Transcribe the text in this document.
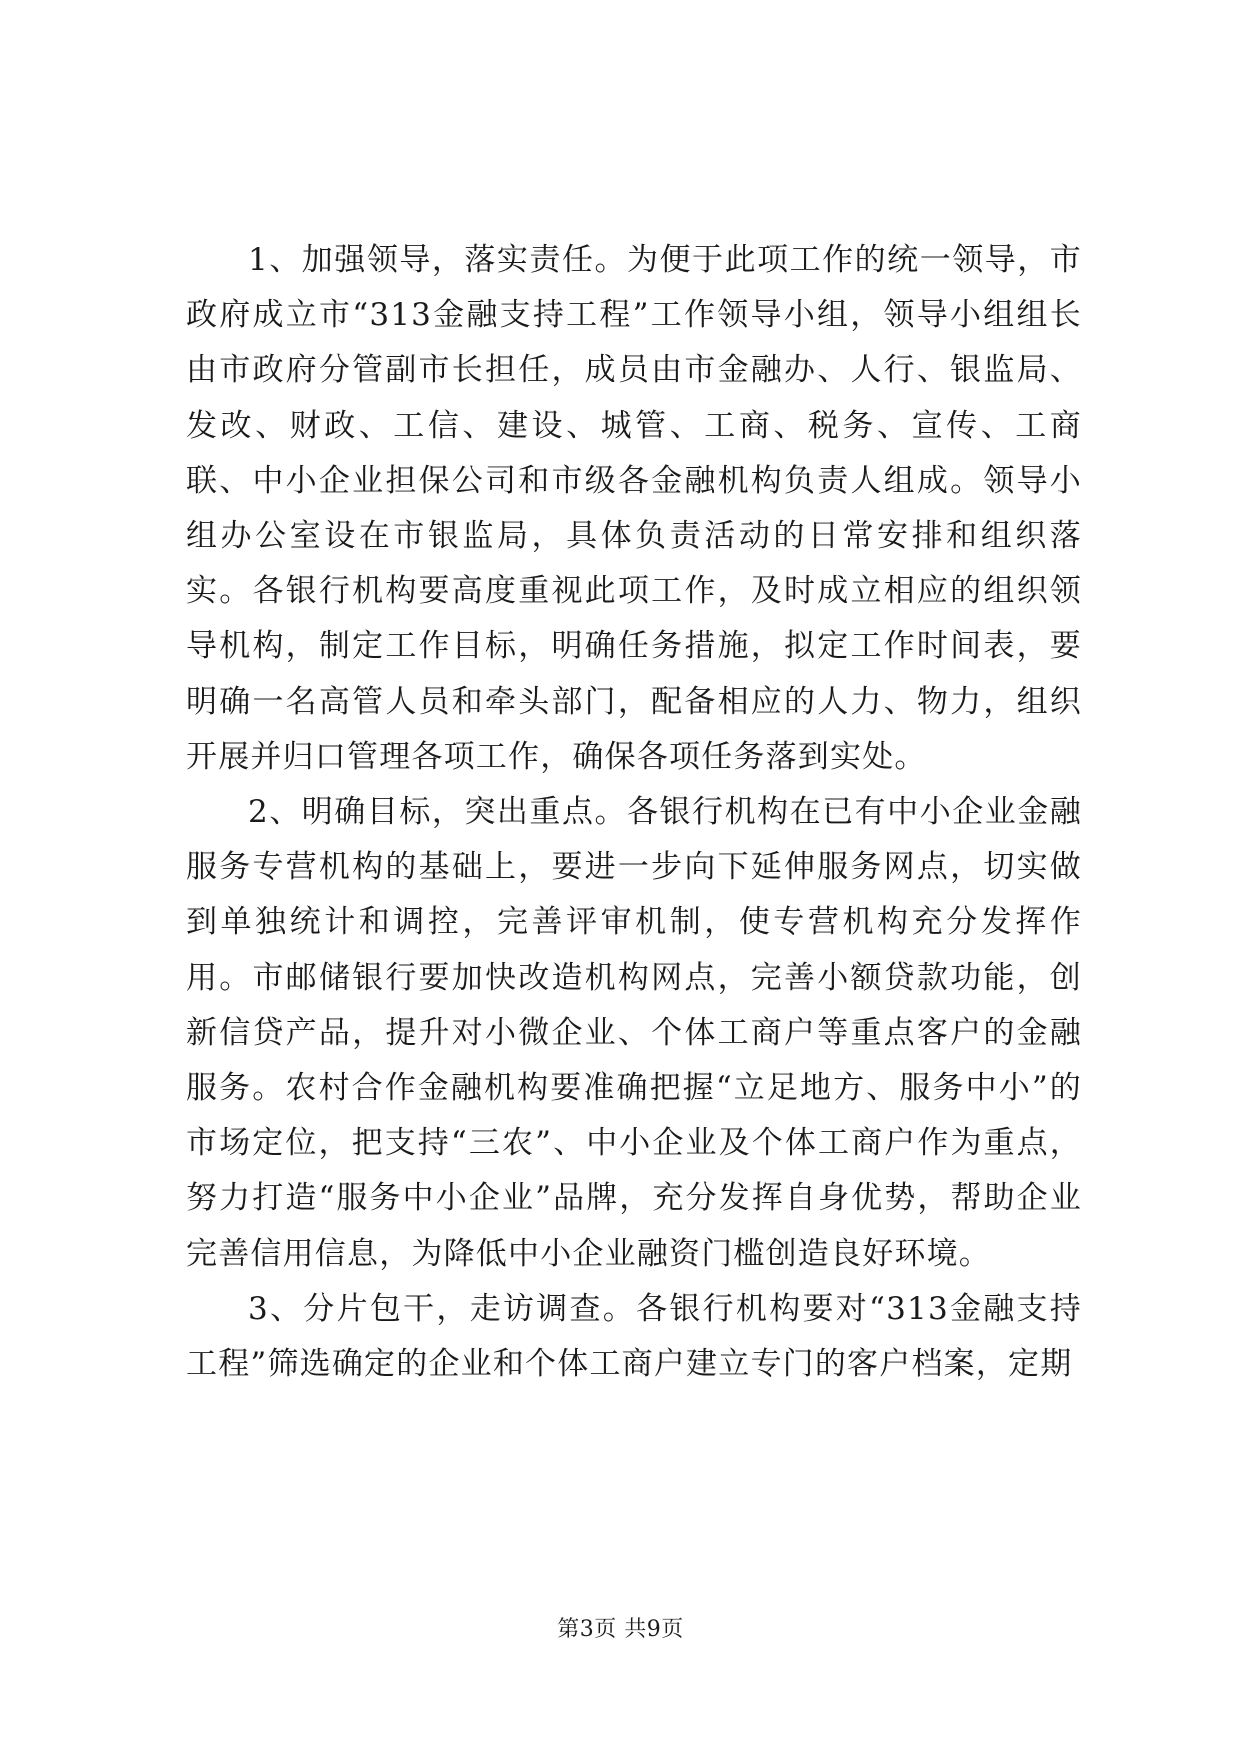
1、加强领导，落实责任。为便于此项工作的统一领导，市政府成立市“313金融支持工程”工作领导小组，领导小组组长由市政府分管副市长担任，成员由市金融办、人行、银监局、发改、财政、工信、建设、城管、工商、税务、宣传、工商联、中小企业担保公司和市级各金融机构负责人组成。领导小组办公室设在市银监局，具体负责活动的日常安排和组织落实。各银行机构要高度重视此项工作，及时成立相应的组织领导机构，制定工作目标，明确任务措施，拟定工作时间表，要明确一名高管人员和牵头部门，配备相应的人力、物力，组织开展并归口管理各项工作，确保各项任务落到实处。

2、明确目标，突出重点。各银行机构在已有中小企业金融服务专营机构的基础上，要进一步向下延伸服务网点，切实做到单独统计和调控，完善评审机制，使专营机构充分发挥作用。市邮储银行要加快改造机构网点，完善小额贷款功能，创新信贷产品，提升对小微企业、个体工商户等重点客户的金融服务。农村合作金融机构要准确把握“立足地方、服务中小”的市场定位，把支持“三农”、中小企业及个体工商户作为重点，努力打造“服务中小企业”品牌，充分发挥自身优势，帮助企业完善信用信息，为降低中小企业融资门槛创造良好环境。

3、分片包干，走访调查。各银行机构要对“313金融支持工程”筛选确定的企业和个体工商户建立专门的客户档案，定期

第3页 共9页
